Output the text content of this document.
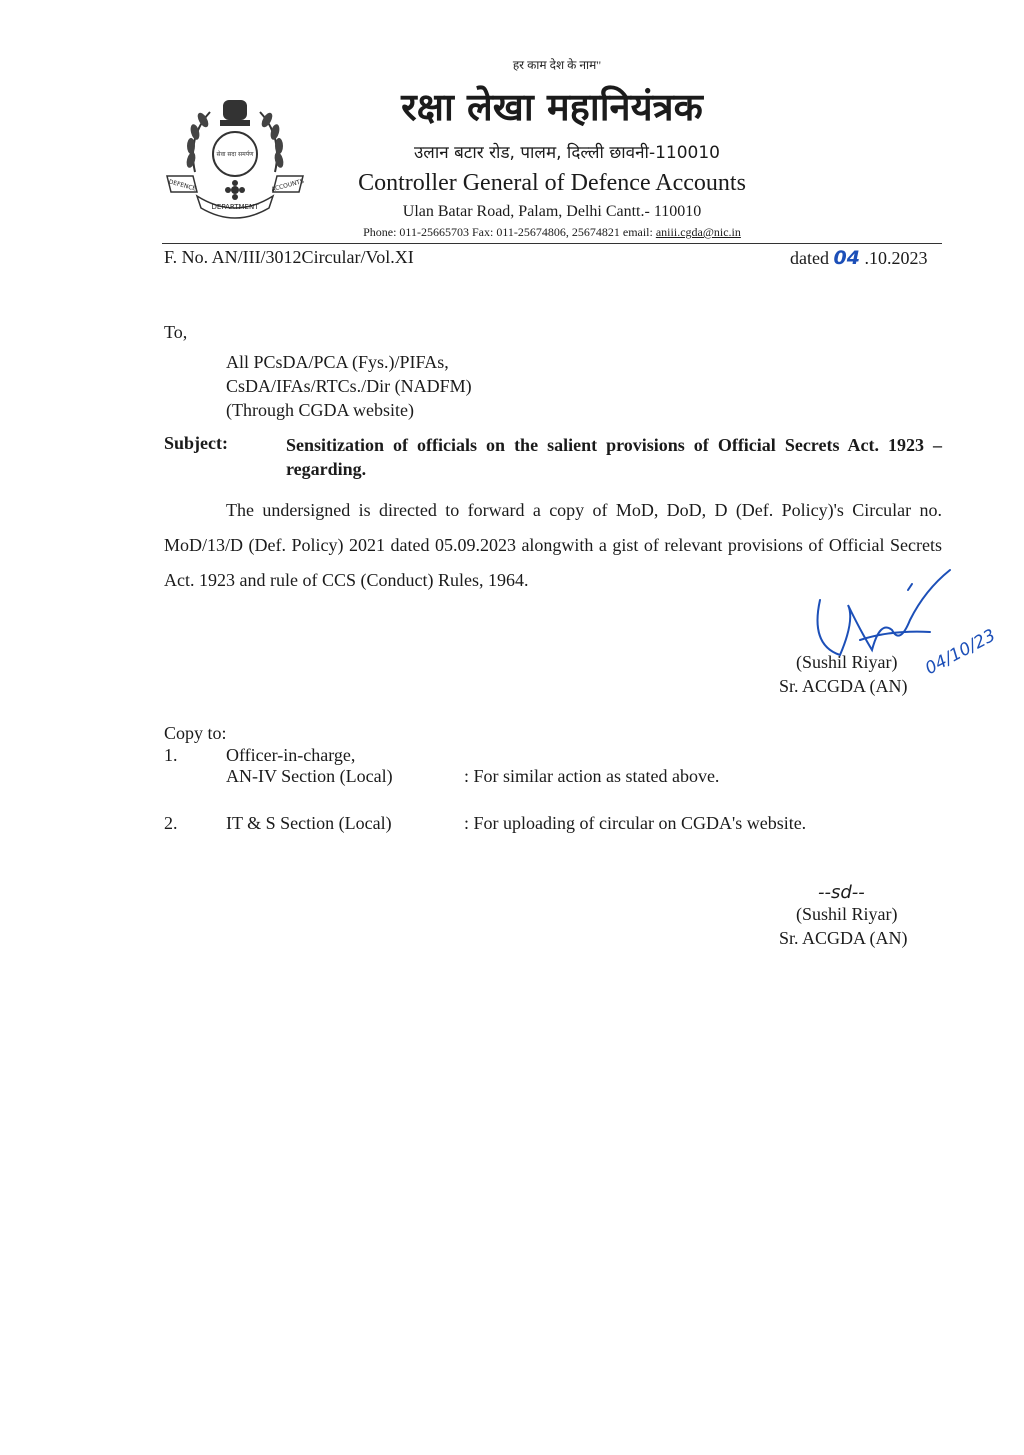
हर काम देश के नाम"
रक्षा लेखा महानियंत्रक
उलान बटार रोड, पालम, दिल्ली छावनी-110010
Controller General of Defence Accounts
Ulan Batar Road, Palam, Delhi Cantt.- 110010
Phone: 011-25665703 Fax: 011-25674806, 25674821 email: aniii.cgda@nic.in
सेवा सदा समर्पण
DEFENCE	ACCOUNTS
DEPARTMENT
F. No. AN/III/3012Circular/Vol.XI	dated 04 .10.2023
To,
All PCsDA/PCA (Fys.)/PIFAs,
CsDA/IFAs/RTCs./Dir (NADFM)
(Through CGDA website)
Subject:	Sensitization of officials on the salient provisions of Official Secrets Act. 1923 – regarding.
The undersigned is directed to forward a copy of MoD, DoD, D (Def. Policy)'s Circular no. MoD/13/D (Def. Policy) 2021 dated 05.09.2023 alongwith a gist of relevant provisions of Official Secrets Act. 1923 and rule of CCS (Conduct) Rules, 1964.
04/10/23
(Sushil Riyar)
Sr. ACGDA (AN)
Copy to:
1.	Officer-in-charge,
AN-IV Section (Local)	: For similar action as stated above.
2.	IT & S Section (Local)	: For uploading of circular on CGDA's website.
--sd--
(Sushil Riyar)
Sr. ACGDA (AN)
